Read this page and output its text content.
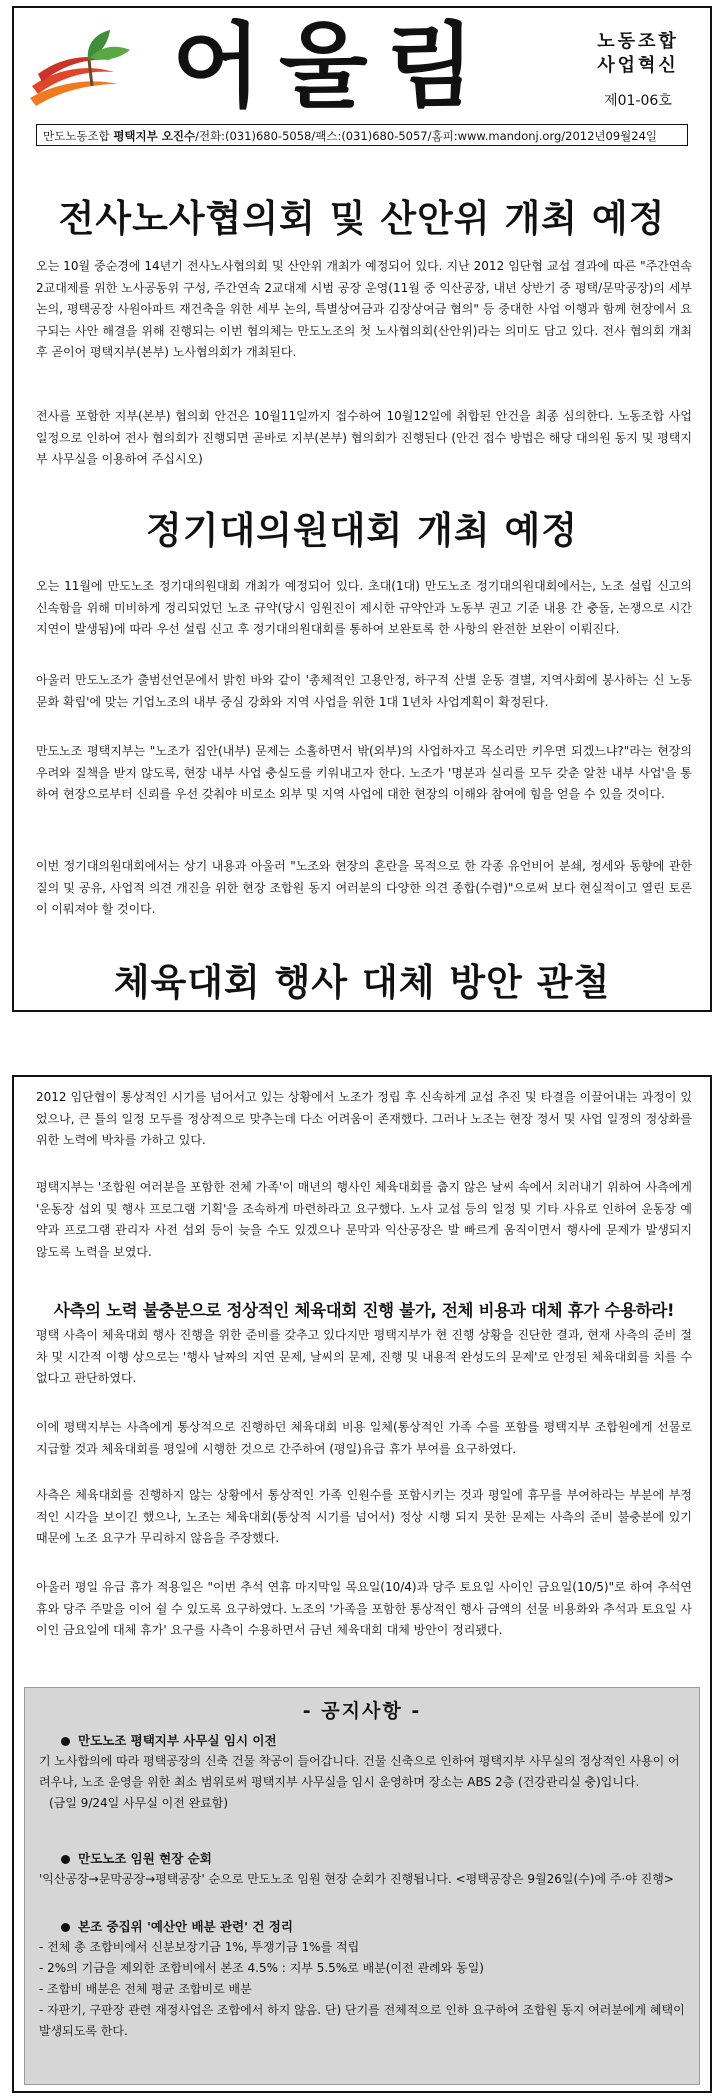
어울림	노동조합
사업혁신
제01-06호
만도노동조합 평택지부 오진수/전화:(031)680-5058/팩스:(031)680-5057/홈피:www.mandonj.org/2012년09월24일
전사노사협의회 및 산안위 개최 예정

오는 10월 중순경에 14년기 전사노사협의회 및 산안위 개최가 예정되어 있다. 지난 2012 임단협 교섭 결과에 따른 "주간연속2교대제를 위한 노사공동위 구성, 주간연속 2교대제 시범 공장 운영(11월 중 익산공장, 내년 상반기 중 평택/문막공장)의 세부 논의, 평택공장 사원아파트 재건축을 위한 세부 논의, 특별상여금과 김장상여금 협의" 등 중대한 사업 이행과 함께 현장에서 요구되는 사안 해결을 위해 진행되는 이번 협의체는 만도노조의 첫 노사협의회(산안위)라는 의미도 담고 있다. 전사 협의회 개최 후 곧이어 평택지부(본부) 노사협의회가 개최된다.

전사를 포함한 지부(본부) 협의회 안건은 10월11일까지 접수하여 10월12일에 취합된 안건을 최종 심의한다. 노동조합 사업 일정으로 인하여 전사 협의회가 진행되면 곧바로 지부(본부) 협의회가 진행된다 (안건 접수 방법은 해당 대의원 동지 및 평택지부 사무실을 이용하여 주십시오)

정기대의원대회 개최 예정

오는 11월에 만도노조 정기대의원대회 개최가 예정되어 있다. 초대(1대) 만도노조 정기대의원대회에서는, 노조 설립 신고의 신속함을 위해 미비하게 정리되었던 노조 규약(당시 임원진이 제시한 규약안과 노동부 권고 기준 내용 간 충돌, 논쟁으로 시간 지연이 발생됨)에 따라 우선 설립 신고 후 정기대의원대회를 통하여 보완토록 한 사항의 완전한 보완이 이뤄진다.

아울러 만도노조가 출범선언문에서 밝힌 바와 같이 '총체적인 고용안정, 하구적 산별 운동 결별, 지역사회에 봉사하는 신 노동문화 확립'에 맞는 기업노조의 내부 중심 강화와 지역 사업을 위한 1대 1년차 사업계획이 확정된다.

만도노조 평택지부는 "노조가 집안(내부) 문제는 소홀하면서 밖(외부)의 사업하자고 목소리만 키우면 되겠느냐?"라는 현장의 우려와 질책을 받지 않도록, 현장 내부 사업 충실도를 키워내고자 한다. 노조가 '명분과 실리를 모두 갖춘 알찬 내부 사업'을 통하여 현장으로부터 신뢰를 우선 갖춰야 비로소 외부 및 지역 사업에 대한 현장의 이해와 참여에 힘을 얻을 수 있을 것이다.

이번 정기대의원대회에서는 상기 내용과 아울러 "노조와 현장의 혼란을 목적으로 한 각종 유언비어 분쇄, 정세와 동향에 관한 질의 및 공유, 사업적 의견 개진을 위한 현장 조합원 동지 여러분의 다양한 의견 종합(수렴)"으로써 보다 현실적이고 열린 토론이 이뤄져야 할 것이다.

체육대회 행사 대체 방안 관철

2012 임단협이 통상적인 시기를 넘어서고 있는 상황에서 노조가 정립 후 신속하게 교섭 추진 및 타결을 이끌어내는 과정이 있었으나, 큰 틀의 일정 모두를 정상적으로 맞추는데 다소 어려움이 존재했다. 그러나 노조는 현장 정서 및 사업 일정의 정상화를 위한 노력에 박차를 가하고 있다.

평택지부는 '조합원 여러분을 포함한 전체 가족'이 매년의 행사인 체육대회를 춥지 않은 날씨 속에서 치러내기 위하여 사측에게 '운동장 섭외 및 행사 프로그램 기획'을 조속하게 마련하라고 요구했다. 노사 교섭 등의 일정 및 기타 사유로 인하여 운동장 예약과 프로그램 관리자 사전 섭외 등이 늦을 수도 있겠으나 문막과 익산공장은 발 빠르게 움직이면서 행사에 문제가 발생되지 않도록 노력을 보였다.

사측의 노력 불충분으로 정상적인 체육대회 진행 불가, 전체 비용과 대체 휴가 수용하라!

평택 사측이 체육대회 행사 진행을 위한 준비를 갖추고 있다지만 평택지부가 현 진행 상황을 진단한 결과, 현재 사측의 준비 절차 및 시간적 이행 상으로는 '행사 날짜의 지연 문제, 날씨의 문제, 진행 및 내용적 완성도의 문제'로 안정된 체육대회를 치를 수 없다고 판단하였다.

이에 평택지부는 사측에게 통상적으로 진행하던 체육대회 비용 일체(통상적인 가족 수를 포함를 평택지부 조합원에게 선물로 지급할 것과 체육대회를 평일에 시행한 것으로 간주하여 (평일)유급 휴가 부여를 요구하였다.

사측은 체육대회를 진행하지 않는 상황에서 통상적인 가족 인원수를 포함시키는 것과 평일에 휴무를 부여하라는 부분에 부정적인 시각을 보이긴 했으나, 노조는 체육대회(통상적 시기를 넘어서) 정상 시행 되지 못한 문제는 사측의 준비 불충분에 있기 때문에 노조 요구가 무리하지 않음을 주장했다.

아울러 평일 유급 휴가 적용일은 "이번 추석 연휴 마지막일 목요일(10/4)과 당주 토요일 사이인 금요일(10/5)"로 하여 추석연휴와 당주 주말을 이어 쉴 수 있도록 요구하였다. 노조의 '가족을 포함한 통상적인 행사 금액의 선물 비용화와 추석과 토요일 사이인 금요일에 대체 휴가' 요구를 사측이 수용하면서 금년 체육대회 대체 방안이 정리됐다.

- 공지사항 -
만도노조 평택지부 사무실 임시 이전
기 노사합의에 따라 평택공장의 신축 건물 착공이 들어갑니다. 건물 신축으로 인하여 평택지부 사무실의 정상적인 사용이 어려우나, 노조 운영을 위한 최소 범위로써 평택지부 사무실을 임시 운영하며 장소는 ABS 2층 (건강관리실 충)입니다.
(금일 9/24일 사무실 이전 완료함)
만도노조 임원 현장 순회
'익산공장→문막공장→평택공장' 순으로 만도노조 임원 현장 순회가 진행됩니다. <평택공장은 9월26일(수)에 주·야 진행>
본조 중집위 '예산안 배분 관련' 건 정리
- 전체 총 조합비에서 신분보장기금 1%, 투쟁기금 1%를 적립
- 2%의 기금을 제외한 조합비에서 본조 4.5% : 지부 5.5%로 배분(이전 관례와 동일)
- 조합비 배분은 전체 평균 조합비로 배분
- 자판기, 구판장 관련 재정사업은 조합에서 하지 않음. 단) 단기를 전체적으로 인하 요구하여 조합원 동지 여러분에게 혜택이 발생되도록 한다.
